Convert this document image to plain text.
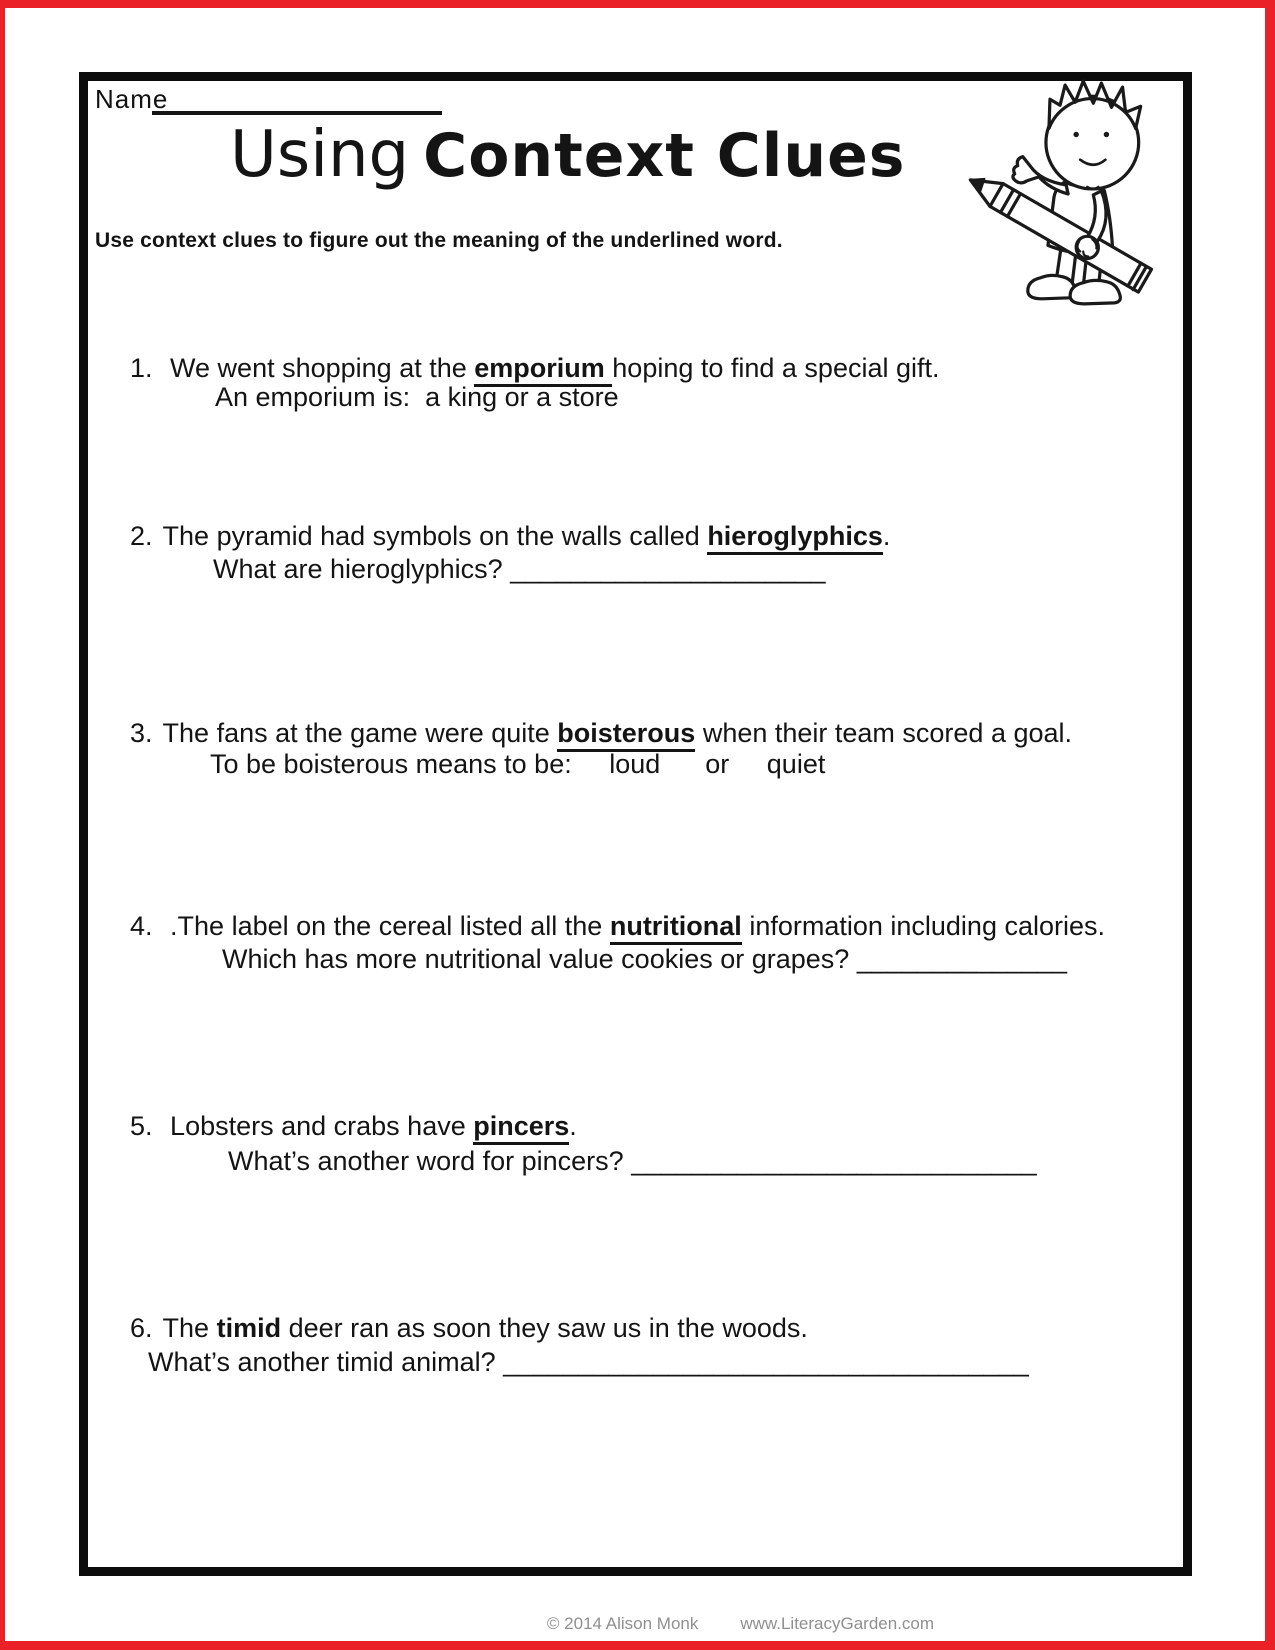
Name
Using Context Clues
Use context clues to figure out the meaning of the underlined word.

1. We went shopping at the emporium hoping to find a special gift.

An emporium is:  a king or a store

2. The pyramid had symbols on the walls called hieroglyphics.

What are hieroglyphics? _____________________

3. The fans at the game were quite boisterous when their team scored a goal.

To be boisterous means to be:     loud      or     quiet

4. .The label on the cereal listed all the nutritional information including calories.

Which has more nutritional value cookies or grapes? ______________

5. Lobsters and crabs have pincers.

What’s another word for pincers? ___________________________

6. The timid deer ran as soon they saw us in the woods.

What’s another timid animal? ___________________________________

© 2014 Alison Monk www.LiteracyGarden.com
